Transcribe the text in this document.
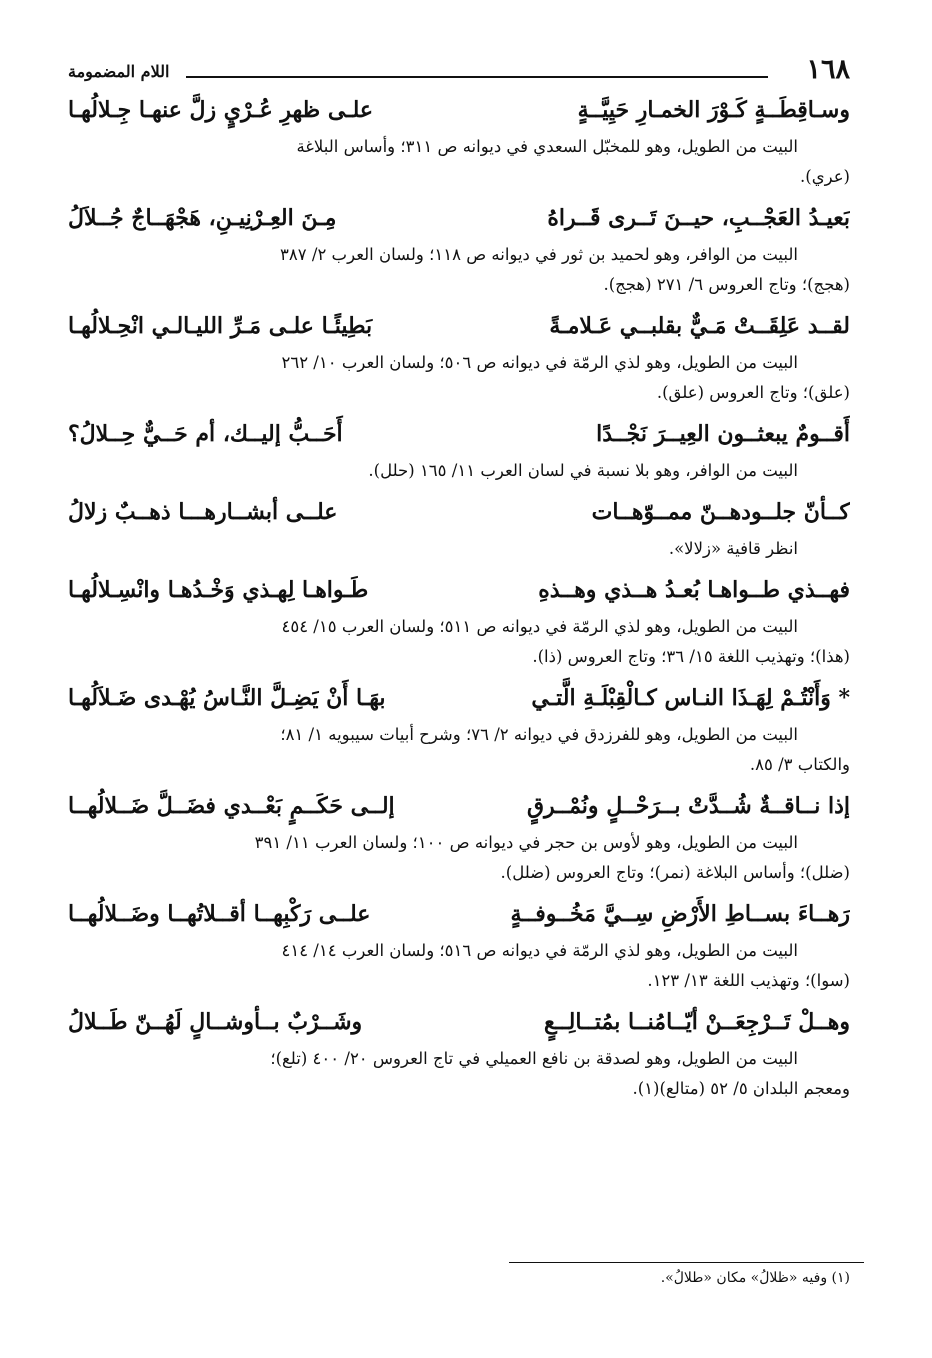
١٦٨
اللام المضمومة
وسـاقِطَــةٍ كَـوْرَ الخمـارِ حَيِيَّــةٍ
علـى ظهرِ عُـرْيٍ زلَّ عنهـا جِـلالُهـا
البيت من الطويل، وهو للمخبّل السعدي في ديوانه ص ٣١١؛ وأساس البلاغة
(عري).
بَعيـدُ العَجْــبِ، حيــنَ تَــرى قَــراهُ
مِـنَ العِـرْنِيـنِ، هَجْهَــاجٌ جُــلاَلُ
البيت من الوافر، وهو لحميد بن ثور في ديوانه ص ١١٨؛ ولسان العرب ٢/ ٣٨٧
(هجج)؛ وتاج العروس ٦/ ٢٧١ (هجج).
لقــد عَلِقَــتْ مَـيٌّ بقلبــي عَـلامـةً
بَطِيئًـا علـى مَـرِّ الليـالـي انْحِـلالُهـا
البيت من الطويل، وهو لذي الرمّة في ديوانه ص ٥٠٦؛ ولسان العرب ١٠/ ٢٦٢
(علق)؛ وتاج العروس (علق).
أَقــومٌ يبعثــون العِيــرَ نَجْــدًا
أَحَــبُّ إليــك، أم حَــيٌّ حِــلالُ؟
البيت من الوافر، وهو بلا نسبة في لسان العرب ١١/ ١٦٥ (حلل).
كــأنّ جلــودهــنّ ممــوّهــات
علــى أبشــارهـــا ذهــبٌ زلالُ
انظر قافية «زلالا».
فهــذي طــواهـا بُعـدُ هــذي وهــذهِ
طَـواهـا لِهـذي وَخْـدُهـا وانْسِـلالُهـا
البيت من الطويل، وهو لذي الرمّة في ديوانه ص ٥١١؛ ولسان العرب ١٥/ ٤٥٤
(هذا)؛ وتهذيب اللغة ١٥/ ٣٦؛ وتاج العروس (ذا).
* وَأَنْتُـمْ لِهَـذَا النـاس كـالْقِبْلَـةِ الَّتـي
بهَـا أَنْ يَضِـلَّ النَّـاسُ يُهْـدى ضَـلاَلُهـا
البيت من الطويل، وهو للفرزدق في ديوانه ٢/ ٧٦؛ وشرح أبيات سيبويه ١/ ٨١؛
والكتاب ٣/ ٨٥.
إذا نــاقــةٌ شُــدَّتْ بــرَحْــلٍ ونُمْــرقٍ
إلــى حَكَــمٍ بَعْــدي فضَــلَّ ضَــلالُهــا
البيت من الطويل، وهو لأوس بن حجر في ديوانه ص ١٠٠؛ ولسان العرب ١١/ ٣٩١
(ضلل)؛ وأساس البلاغة (نمر)؛ وتاج العروس (ضلل).
رَهــاءَ بســاطِ الأَرْضِ سِــيَّ مَخُــوفــةٍ
علــى رَكْبِهــا أقــلاتُهــا وضَــلالُهــا
البيت من الطويل، وهو لذي الرمّة في ديوانه ص ٥١٦؛ ولسان العرب ١٤/ ٤١٤
(سوا)؛ وتهذيب اللغة ١٣/ ١٢٣.
وهــلْ تَــرْجِعَــنْ أيّــامُنــا بمُتــالِــعٍ
وشَــرْبٌ بــأوشــالٍ لَهُــنّ طَــلالُ
البيت من الطويل، وهو لصدقة بن نافع العميلي في تاج العروس ٢٠/ ٤٠٠ (تلع)؛
ومعجم البلدان ٥/ ٥٢ (متالع)(١).
(١) وفيه «ظلالُ» مكان «طلالُ».
